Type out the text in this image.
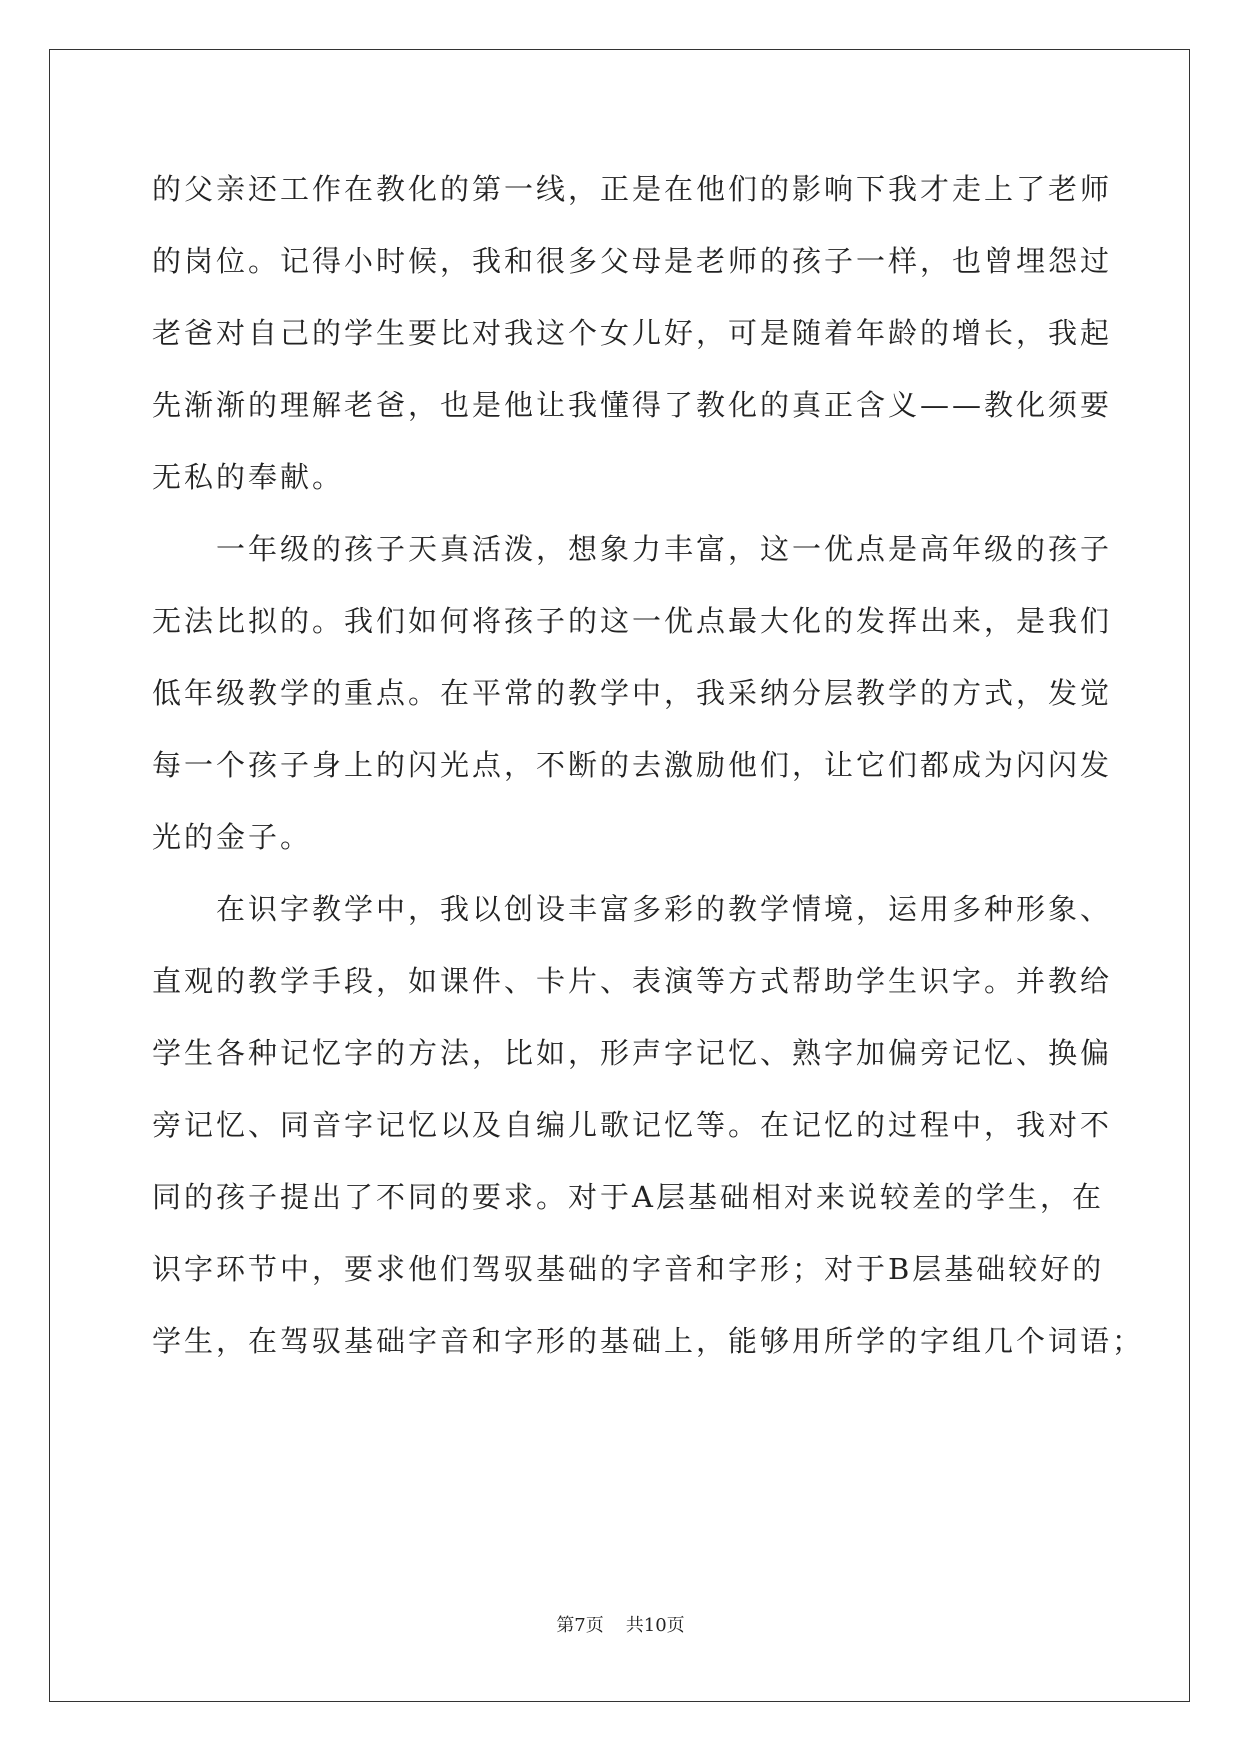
的父亲还工作在教化的第一线，正是在他们的影响下我才走上了老师
的岗位。记得小时候，我和很多父母是老师的孩子一样，也曾埋怨过
老爸对自己的学生要比对我这个女儿好，可是随着年龄的增长，我起
先渐渐的理解老爸，也是他让我懂得了教化的真正含义——教化须要
无私的奉献。
　　一年级的孩子天真活泼，想象力丰富，这一优点是高年级的孩子
无法比拟的。我们如何将孩子的这一优点最大化的发挥出来，是我们
低年级教学的重点。在平常的教学中，我采纳分层教学的方式，发觉
每一个孩子身上的闪光点，不断的去激励他们，让它们都成为闪闪发
光的金子。
　　在识字教学中，我以创设丰富多彩的教学情境，运用多种形象、
直观的教学手段，如课件、卡片、表演等方式帮助学生识字。并教给
学生各种记忆字的方法，比如，形声字记忆、熟字加偏旁记忆、换偏
旁记忆、同音字记忆以及自编儿歌记忆等。在记忆的过程中，我对不
同的孩子提出了不同的要求。对于A层基础相对来说较差的学生，在
识字环节中，要求他们驾驭基础的字音和字形；对于B层基础较好的
学生，在驾驭基础字音和字形的基础上，能够用所学的字组几个词语；
第7页 共10页
